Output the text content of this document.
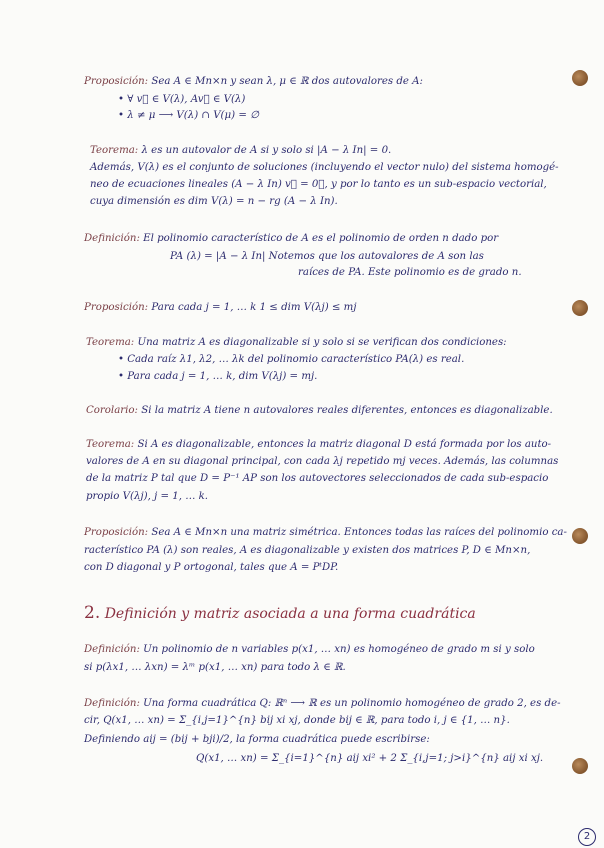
Proposición: Sea A ∈ Mn×n y sean λ, μ ∈ ℝ dos autovalores de A:
• ∀ v⃗ ∈ V(λ), Av⃗ ∈ V(λ)
• λ ≠ μ ⟶ V(λ) ∩ V(μ) = ∅
Teorema: λ es un autovalor de A si y solo si |A − λ In| = 0.
Además, V(λ) es el conjunto de soluciones (incluyendo el vector nulo) del sistema homogé-
neo de ecuaciones lineales (A − λ In) v⃗ = 0⃗, y por lo tanto es un sub-espacio vectorial,
cuya dimensión es dim V(λ) = n − rg (A − λ In).
Definición: El polinomio característico de A es el polinomio de orden n dado por
PA (λ) = |A − λ In| Notemos que los autovalores de A son las
raíces de PA. Este polinomio es de grado n.
Proposición: Para cada j = 1, … k 1 ≤ dim V(λj) ≤ mj
Teorema: Una matriz A es diagonalizable si y solo si se verifican dos condiciones:
• Cada raíz λ1, λ2, … λk del polinomio característico PA(λ) es real.
• Para cada j = 1, … k, dim V(λj) = mj.
Corolario: Si la matriz A tiene n autovalores reales diferentes, entonces es diagonalizable.
Teorema: Si A es diagonalizable, entonces la matriz diagonal D está formada por los auto-
valores de A en su diagonal principal, con cada λj repetido mj veces. Además, las columnas
de la matriz P tal que D = P⁻¹ AP son los autovectores seleccionados de cada sub-espacio
propio V(λj), j = 1, … k.
Proposición: Sea A ∈ Mn×n una matriz simétrica. Entonces todas las raíces del polinomio ca-
racterístico PA (λ) son reales, A es diagonalizable y existen dos matrices P, D ∈ Mn×n,
con D diagonal y P ortogonal, tales que A = PᵗDP.
2. Definición y matriz asociada a una forma cuadrática
Definición: Un polinomio de n variables p(x1, … xn) es homogéneo de grado m si y solo
si p(λx1, … λxn) = λᵐ p(x1, … xn) para todo λ ∈ ℝ.
Definición: Una forma cuadrática Q: ℝⁿ ⟶ ℝ es un polinomio homogéneo de grado 2, es de-
cir, Q(x1, … xn) = Σ_{i,j=1}^{n} bij xi xj, donde bij ∈ ℝ, para todo i, j ∈ {1, … n}.
Definiendo aij = (bij + bji)/2, la forma cuadrática puede escribirse:
Q(x1, … xn) = Σ_{i=1}^{n} aij xi² + 2 Σ_{i,j=1; j>i}^{n} aij xi xj.
2
